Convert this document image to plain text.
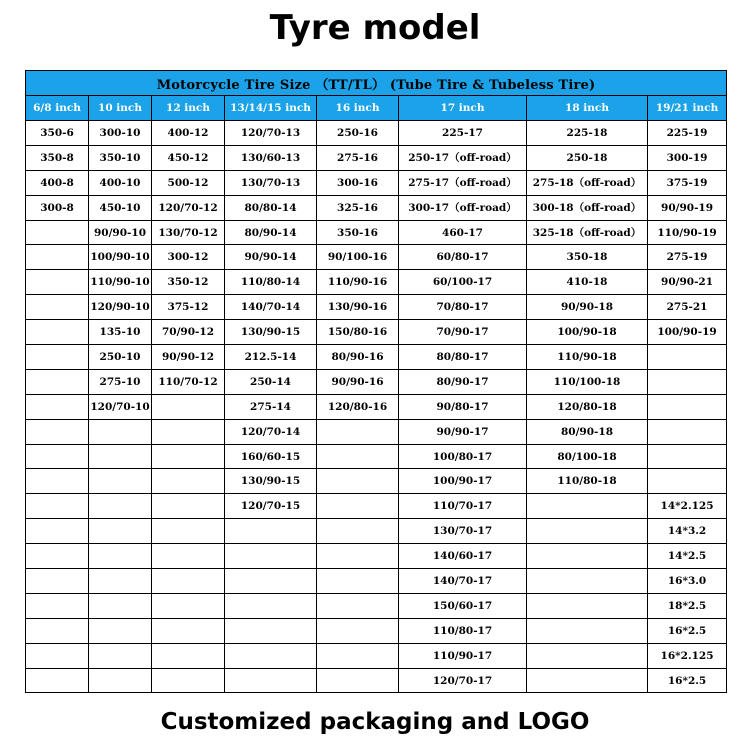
Tyre model
Motorcycle Tire Size （TT/TL） (Tube Tire & Tubeless Tire)							
6/8 inch	10 inch	12 inch	13/14/15 inch	16 inch	17 inch	18 inch	19/21 inch
350-6	300-10	400-12	120/70-13	250-16	225-17	225-18	225-19
350-8	350-10	450-12	130/60-13	275-16	250-17（off-road）	250-18	300-19
400-8	400-10	500-12	130/70-13	300-16	275-17（off-road）	275-18（off-road）	375-19
300-8	450-10	120/70-12	80/80-14	325-16	300-17（off-road）	300-18（off-road）	90/90-19
	90/90-10	130/70-12	80/90-14	350-16	460-17	325-18（off-road）	110/90-19
	100/90-10	300-12	90/90-14	90/100-16	60/80-17	350-18	275-19
	110/90-10	350-12	110/80-14	110/90-16	60/100-17	410-18	90/90-21
	120/90-10	375-12	140/70-14	130/90-16	70/80-17	90/90-18	275-21
	135-10	70/90-12	130/90-15	150/80-16	70/90-17	100/90-18	100/90-19
	250-10	90/90-12	212.5-14	80/90-16	80/80-17	110/90-18	
	275-10	110/70-12	250-14	90/90-16	80/90-17	110/100-18	
	120/70-10		275-14	120/80-16	90/80-17	120/80-18	
			120/70-14		90/90-17	80/90-18	
			160/60-15		100/80-17	80/100-18	
			130/90-15		100/90-17	110/80-18	
			120/70-15		110/70-17		14*2.125
					130/70-17		14*3.2
					140/60-17		14*2.5
					140/70-17		16*3.0
					150/60-17		18*2.5
					110/80-17		16*2.5
					110/90-17		16*2.125
					120/70-17		16*2.5
Customized packaging and LOGO
